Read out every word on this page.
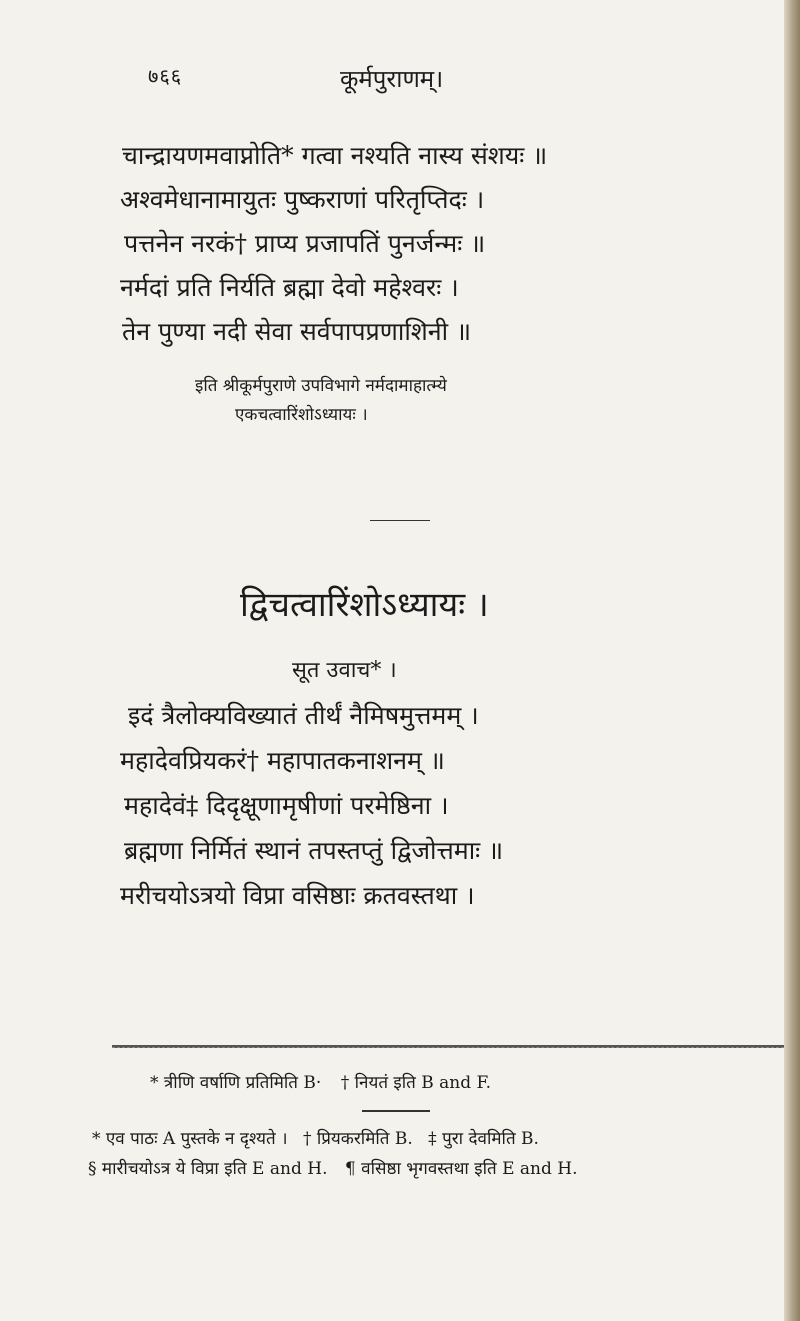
७६६	कूर्मपुराणम्।
चान्द्रायणमवाप्नोति* गत्वा नश्यति नास्य संशयः ॥
अश्वमेधानामायुतः पुष्कराणां परितृप्तिदः ।
पत्तनेन नरकं† प्राप्य प्रजापतिं पुनर्जन्मः ॥
नर्मदां प्रति निर्यति ब्रह्मा देवो महेश्वरः ।
तेन पुण्या नदी सेवा सर्वपापप्रणाशिनी ॥
इति श्रीकूर्मपुराणे उपविभागे नर्मदामाहात्म्ये
एकचत्वारिंशोऽध्यायः ।
द्विचत्वारिंशोऽध्यायः ।
सूत उवाच* ।
इदं त्रैलोक्यविख्यातं तीर्थं नैमिषमुत्तमम् ।
महादेवप्रियकरं† महापातकनाशनम् ॥
महादेवं‡ दिदृक्षूणामृषीणां परमेष्ठिना ।
ब्रह्मणा निर्मितं स्थानं तपस्तप्तुं द्विजोत्तमाः ॥
मरीचयोऽत्रयो विप्रा वसिष्ठाः क्रतवस्तथा ।
* त्रीणि वर्षाणि प्रतिमिति B· † नियतं इति B and F.
* एव पाठः A पुस्तके न दृश्यते । † प्रियकरमिति B. ‡ पुरा देवमिति B.
§ मारीचयोऽत्र ये विप्रा इति E and H. ¶ वसिष्ठा भृगवस्तथा इति E and H.
